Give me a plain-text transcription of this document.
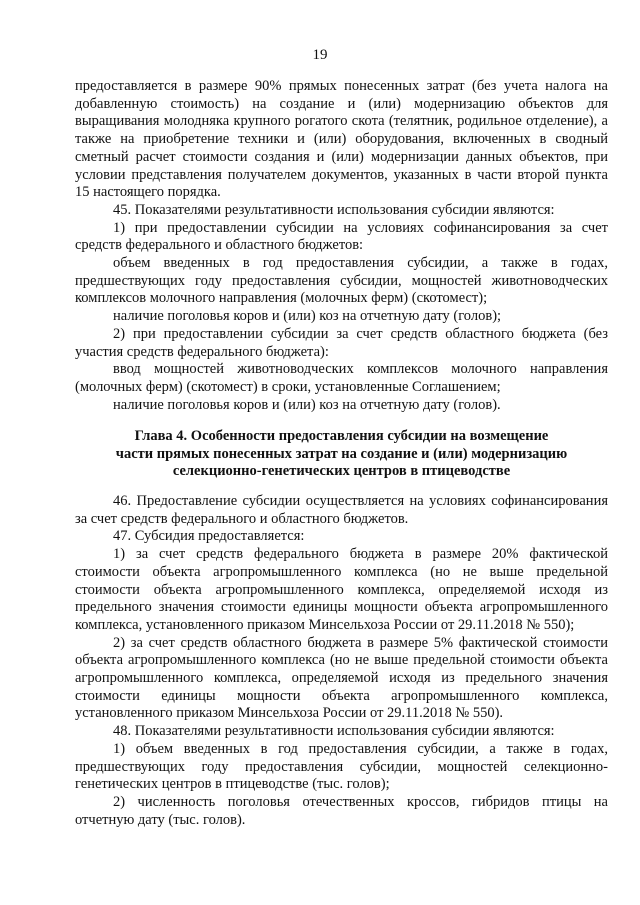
19

предоставляется в размере 90% прямых понесенных затрат (без учета налога на добавленную стоимость) на создание и (или) модернизацию объектов для выращивания молодняка крупного рогатого скота (телятник, родильное отделение), а также на приобретение техники и (или) оборудования, включенных в сводный сметный расчет стоимости создания и (или) модернизации данных объектов, при условии представления получателем документов, указанных в части второй пункта 15 настоящего порядка.

45. Показателями результативности использования субсидии являются:

1) при предоставлении субсидии на условиях софинансирования за счет средств федерального и областного бюджетов:

объем введенных в год предоставления субсидии, а также в годах, предшествующих году предоставления субсидии, мощностей животноводческих комплексов молочного направления (молочных ферм) (скотомест);

наличие поголовья коров и (или) коз на отчетную дату (голов);

2) при предоставлении субсидии за счет средств областного бюджета (без участия средств федерального бюджета):

ввод мощностей животноводческих комплексов молочного направления (молочных ферм) (скотомест) в сроки, установленные Соглашением;

наличие поголовья коров и (или) коз на отчетную дату (голов).

Глава 4. Особенности предоставления субсидии на возмещение
части прямых понесенных затрат на создание и (или) модернизацию
селекционно-генетических центров в птицеводстве

46. Предоставление субсидии осуществляется на условиях софинансирования за счет средств федерального и областного бюджетов.

47. Субсидия предоставляется:

1) за счет средств федерального бюджета в размере 20% фактической стоимости объекта агропромышленного комплекса (но не выше предельной стоимости объекта агропромышленного комплекса, определяемой исходя из предельного значения стоимости единицы мощности объекта агропромышленного комплекса, установленного приказом Минсельхоза России от 29.11.2018 № 550);

2) за счет средств областного бюджета в размере 5% фактической стоимости объекта агропромышленного комплекса (но не выше предельной стоимости объекта агропромышленного комплекса, определяемой исходя из предельного значения стоимости единицы мощности объекта агропромышленного комплекса, установленного приказом Минсельхоза России от 29.11.2018 № 550).

48. Показателями результативности использования субсидии являются:

1) объем введенных в год предоставления субсидии, а также в годах, предшествующих году предоставления субсидии, мощностей селекционно-генетических центров в птицеводстве (тыс. голов);

2) численность поголовья отечественных кроссов, гибридов птицы на отчетную дату (тыс. голов).
